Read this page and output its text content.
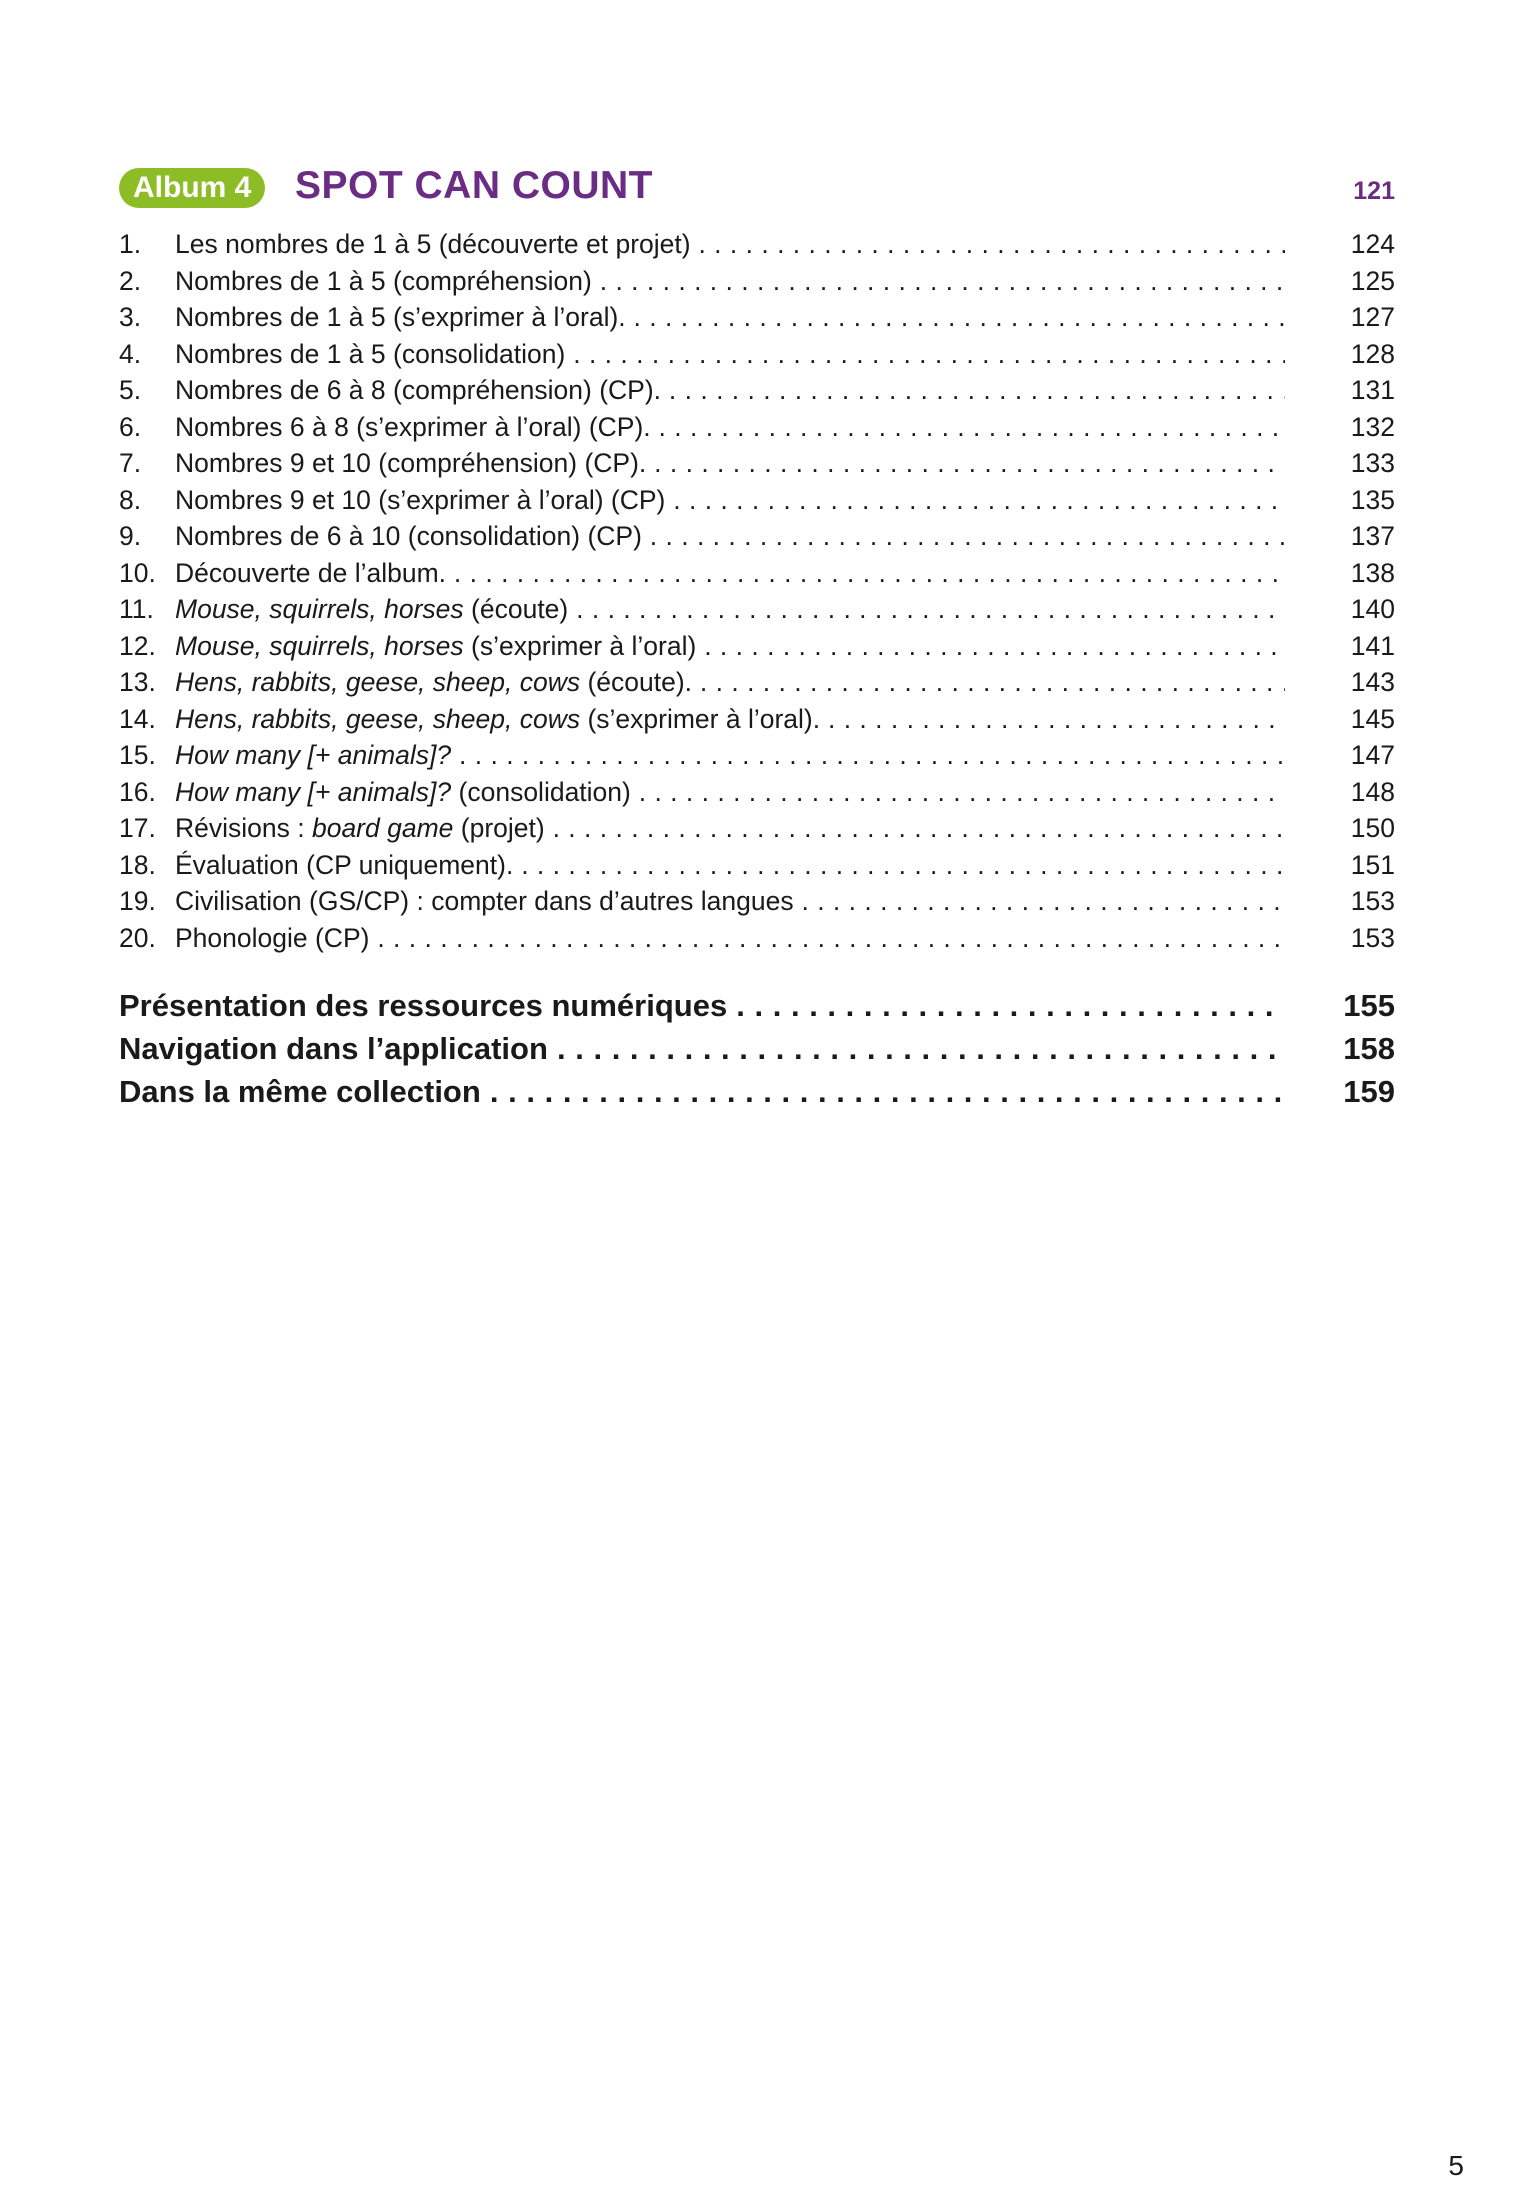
Album 4	SPOT CAN COUNT	121
1. Les nombres de 1 à 5 (découverte et projet) . . .	124
2. Nombres de 1 à 5 (compréhension) . . .	125
3. Nombres de 1 à 5 (s’exprimer à l’oral). . . .	127
4. Nombres de 1 à 5 (consolidation) . . .	128
5. Nombres de 6 à 8 (compréhension) (CP). . . .	131
6. Nombres 6 à 8 (s’exprimer à l’oral) (CP). . . .	132
7. Nombres 9 et 10 (compréhension) (CP). . . .	133
8. Nombres 9 et 10 (s’exprimer à l’oral) (CP) . . .	135
9. Nombres de 6 à 10 (consolidation) (CP) . . .	137
10. Découverte de l’album. . . .	138
11. Mouse, squirrels, horses (écoute) . . .	140
12. Mouse, squirrels, horses (s’exprimer à l’oral) . . .	141
13. Hens, rabbits, geese, sheep, cows (écoute). . . .	143
14. Hens, rabbits, geese, sheep, cows (s’exprimer à l’oral). . . .	145
15. How many [+ animals]? . . .	147
16. How many [+ animals]? (consolidation) . . .	148
17. Révisions : board game (projet) . . .	150
18. Évaluation (CP uniquement). . . .	151
19. Civilisation (GS/CP) : compter dans d’autres langues . . .	153
20. Phonologie (CP) . . .	153
Présentation des ressources numériques . . .	155
Navigation dans l’application . . .	158
Dans la même collection . . .	159
5
